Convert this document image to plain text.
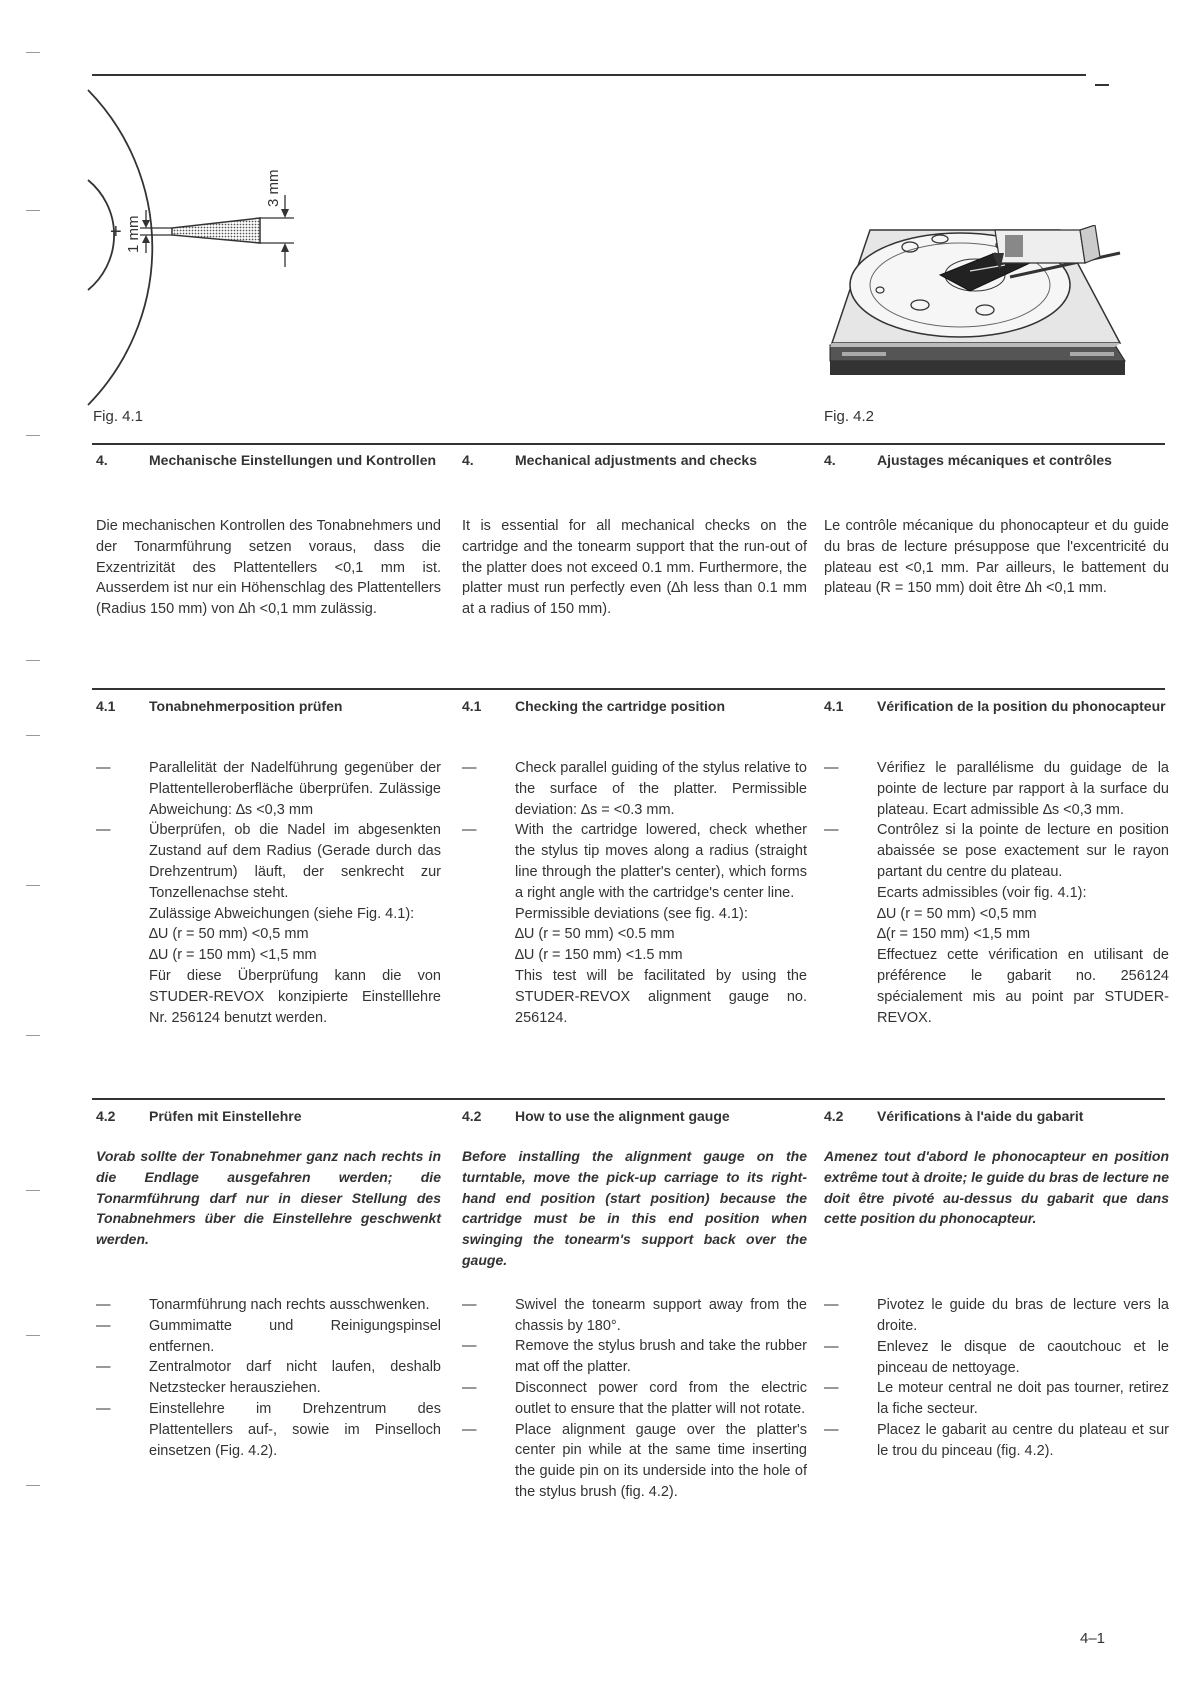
3 mm
1 mm
+
Fig. 4.1	Fig. 4.2
4.	Mechanische Einstellungen und Kontrollen

Die mechanischen Kontrollen des Tonabnehmers und der Tonarmführung setzen voraus, dass die Exzentrizität des Plattentellers <0,1 mm ist. Ausserdem ist nur ein Höhenschlag des Plattentellers (Radius 150 mm) von ∆h <0,1 mm zulässig.

4.	Mechanical adjustments and checks

It is essential for all mechanical checks on the cartridge and the tonearm support that the run-out of the platter does not exceed 0.1 mm. Furthermore, the platter must run perfectly even (∆h less than 0.1 mm at a radius of 150 mm).

4.	Ajustages mécaniques et contrôles

Le contrôle mécanique du phonocapteur et du guide du bras de lecture présuppose que l'excentricité du plateau est <0,1 mm. Par ailleurs, le battement du plateau (R = 150 mm) doit être ∆h <0,1 mm.

4.1	Tonabnehmerposition prüfen
— Parallelität der Nadelführung gegenüber der Plattentelleroberfläche überprüfen. Zulässige Abweichung: ∆s <0,3 mm
— Überprüfen, ob die Nadel im abgesenkten Zustand auf dem Radius (Gerade durch das Drehzentrum) läuft, der senkrecht zur Tonzellenachse steht.
Zulässige Abweichungen (siehe Fig. 4.1):
∆U (r = 50 mm) <0,5 mm
∆U (r = 150 mm) <1,5 mm
Für diese Überprüfung kann die von STUDER-REVOX konzipierte Einstelllehre Nr. 256124 benutzt werden.
4.1	Checking the cartridge position
— Check parallel guiding of the stylus relative to the surface of the platter. Permissible deviation: ∆s = <0.3 mm.
— With the cartridge lowered, check whether the stylus tip moves along a radius (straight line through the platter's center), which forms a right angle with the cartridge's center line.
Permissible deviations (see fig. 4.1):
∆U (r = 50 mm) <0.5 mm
∆U (r = 150 mm) <1.5 mm
This test will be facilitated by using the STUDER-REVOX alignment gauge no. 256124.
4.1	Vérification de la position du phonocapteur
— Vérifiez le parallélisme du guidage de la pointe de lecture par rapport à la surface du plateau. Ecart admissible ∆s <0,3 mm.
— Contrôlez si la pointe de lecture en position abaissée se pose exactement sur le rayon partant du centre du plateau.
Ecarts admissibles (voir fig. 4.1):
∆U (r = 50 mm) <0,5 mm
∆(r = 150 mm) <1,5 mm
Effectuez cette vérification en utilisant de préférence le gabarit no. 256124 spécialement mis au point par STUDER-REVOX.
4.2	Prüfen mit Einstellehre

Vorab sollte der Tonabnehmer ganz nach rechts in die Endlage ausgefahren werden; die Tonarmführung darf nur in dieser Stellung des Tonabnehmers über die Einstellehre geschwenkt werden.

— Tonarmführung nach rechts ausschwenken.
— Gummimatte und Reinigungspinsel entfernen.
— Zentralmotor darf nicht laufen, deshalb Netzstecker herausziehen.
— Einstellehre im Drehzentrum des Plattentellers auf-, sowie im Pinselloch einsetzen (Fig. 4.2).
4.2	How to use the alignment gauge

Before installing the alignment gauge on the turntable, move the pick-up carriage to its right-hand end position (start position) because the cartridge must be in this end position when swinging the tonearm's support back over the gauge.

— Swivel the tonearm support away from the chassis by 180°.
— Remove the stylus brush and take the rubber mat off the platter.
— Disconnect power cord from the electric outlet to ensure that the platter will not rotate.
— Place alignment gauge over the platter's center pin while at the same time inserting the guide pin on its underside into the hole of the stylus brush (fig. 4.2).
4.2	Vérifications à l'aide du gabarit

Amenez tout d'abord le phonocapteur en position extrême tout à droite; le guide du bras de lecture ne doit être pivoté au-dessus du gabarit que dans cette position du phonocapteur.

— Pivotez le guide du bras de lecture vers la droite.
— Enlevez le disque de caoutchouc et le pinceau de nettoyage.
— Le moteur central ne doit pas tourner, retirez la fiche secteur.
— Placez le gabarit au centre du plateau et sur le trou du pinceau (fig. 4.2).
4–1
